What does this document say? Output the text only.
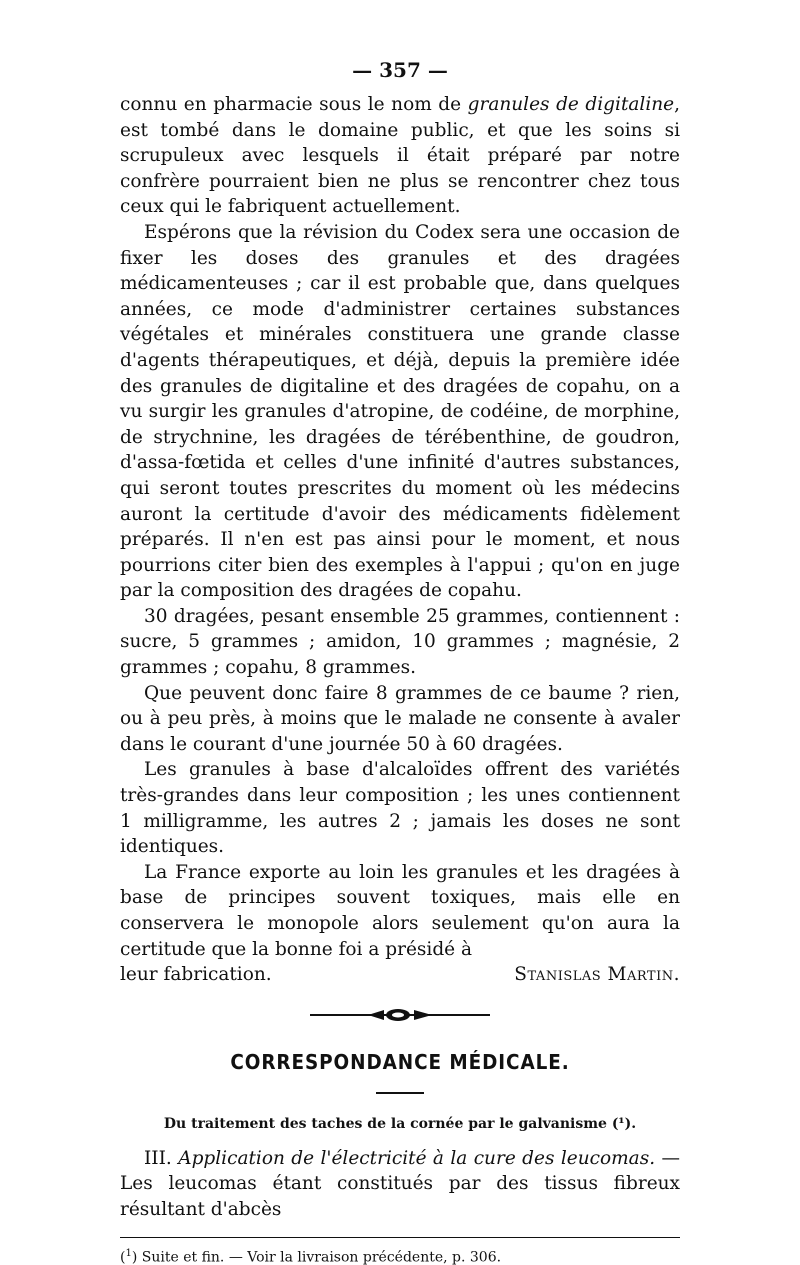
— 357 —

connu en pharmacie sous le nom de granules de digitaline, est tombé dans le domaine public, et que les soins si scrupuleux avec lesquels il était préparé par notre confrère pourraient bien ne plus se rencontrer chez tous ceux qui le fabriquent actuellement.

Espérons que la révision du Codex sera une occasion de fixer les doses des granules et des dragées médicamenteuses ; car il est probable que, dans quelques années, ce mode d'administrer certaines substances végétales et minérales constituera une grande classe d'agents thérapeutiques, et déjà, depuis la première idée des granules de digitaline et des dragées de copahu, on a vu surgir les granules d'atropine, de codéine, de morphine, de strychnine, les dragées de térébenthine, de goudron, d'assa-fœtida et celles d'une infinité d'autres substances, qui seront toutes prescrites du moment où les médecins auront la certitude d'avoir des médicaments fidèlement préparés. Il n'en est pas ainsi pour le moment, et nous pourrions citer bien des exemples à l'appui ; qu'on en juge par la composition des dragées de copahu.

30 dragées, pesant ensemble 25 grammes, contiennent : sucre, 5 grammes ; amidon, 10 grammes ; magnésie, 2 grammes ; copahu, 8 grammes.

Que peuvent donc faire 8 grammes de ce baume ? rien, ou à peu près, à moins que le malade ne consente à avaler dans le courant d'une journée 50 à 60 dragées.

Les granules à base d'alcaloïdes offrent des variétés très-grandes dans leur composition ; les unes contiennent 1 milligramme, les autres 2 ; jamais les doses ne sont identiques.

La France exporte au loin les granules et les dragées à base de principes souvent toxiques, mais elle en conservera le monopole alors seulement qu'on aura la certitude que la bonne foi a présidé à

leur fabrication.	Stanislas Martin.
CORRESPONDANCE MÉDICALE.
Du traitement des taches de la cornée par le galvanisme (¹).

III. Application de l'électricité à la cure des leucomas. — Les leucomas étant constitués par des tissus fibreux résultant d'abcès

($^1$) Suite et fin. — Voir la livraison précédente, p. 306.
